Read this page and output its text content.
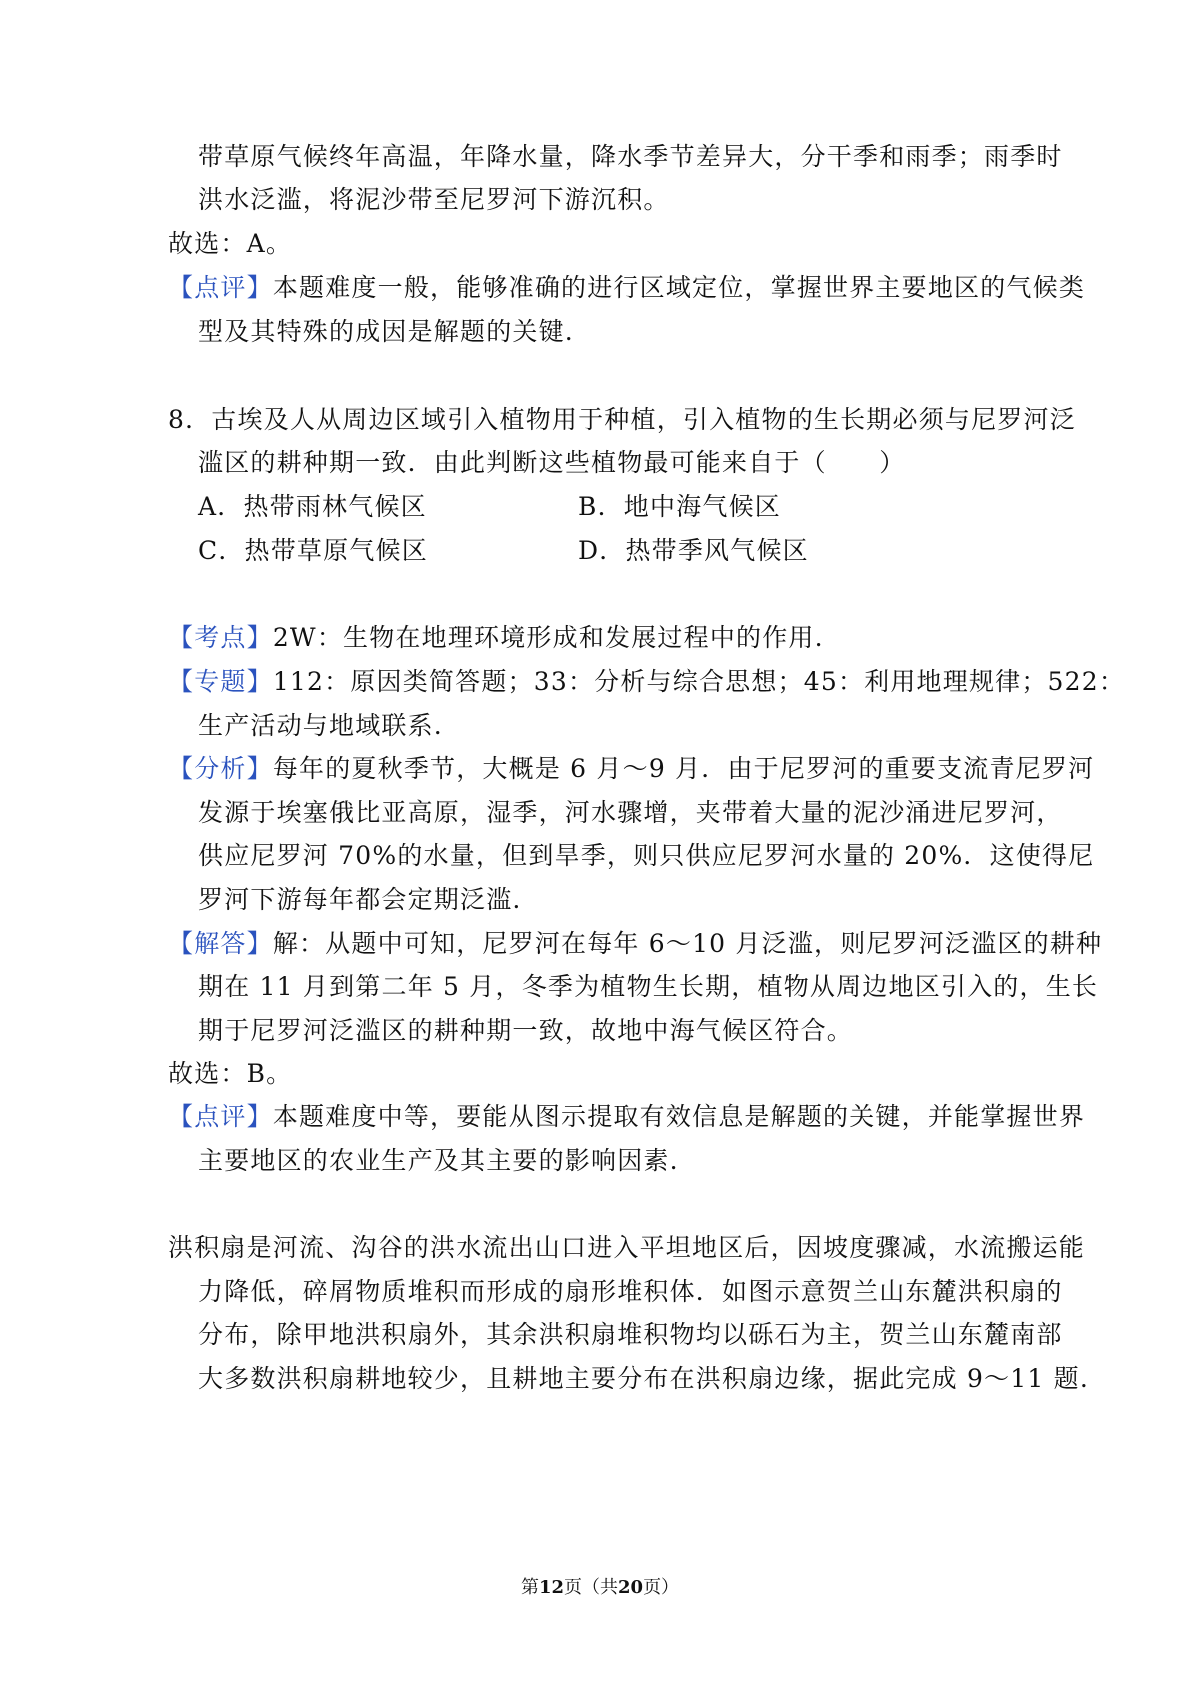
带草原气候终年高温，年降水量，降水季节差异大，分干季和雨季；雨季时
洪水泛滥，将泥沙带至尼罗河下游沉积。
故选：A。
【点评】本题难度一般，能够准确的进行区域定位，掌握世界主要地区的气候类
型及其特殊的成因是解题的关键.
8．古埃及人从周边区域引入植物用于种植，引入植物的生长期必须与尼罗河泛
滥区的耕种期一致．由此判断这些植物最可能来自于（　　）
A．热带雨林气候区	B．地中海气候区
C．热带草原气候区	D．热带季风气候区
【考点】2W：生物在地理环境形成和发展过程中的作用.
【专题】112：原因类简答题；33：分析与综合思想；45：利用地理规律；522：
生产活动与地域联系.
【分析】每年的夏秋季节，大概是 6 月～9 月．由于尼罗河的重要支流青尼罗河
发源于埃塞俄比亚高原，湿季，河水骤增，夹带着大量的泥沙涌进尼罗河，
供应尼罗河 70%的水量，但到旱季，则只供应尼罗河水量的 20%．这使得尼
罗河下游每年都会定期泛滥.
【解答】解：从题中可知，尼罗河在每年 6～10 月泛滥，则尼罗河泛滥区的耕种
期在 11 月到第二年 5 月，冬季为植物生长期，植物从周边地区引入的，生长
期于尼罗河泛滥区的耕种期一致，故地中海气候区符合。
故选：B。
【点评】本题难度中等，要能从图示提取有效信息是解题的关键，并能掌握世界
主要地区的农业生产及其主要的影响因素.
洪积扇是河流、沟谷的洪水流出山口进入平坦地区后，因坡度骤减，水流搬运能
力降低，碎屑物质堆积而形成的扇形堆积体．如图示意贺兰山东麓洪积扇的
分布，除甲地洪积扇外，其余洪积扇堆积物均以砾石为主，贺兰山东麓南部
大多数洪积扇耕地较少，且耕地主要分布在洪积扇边缘，据此完成 9～11 题.
第12页（共20页）
